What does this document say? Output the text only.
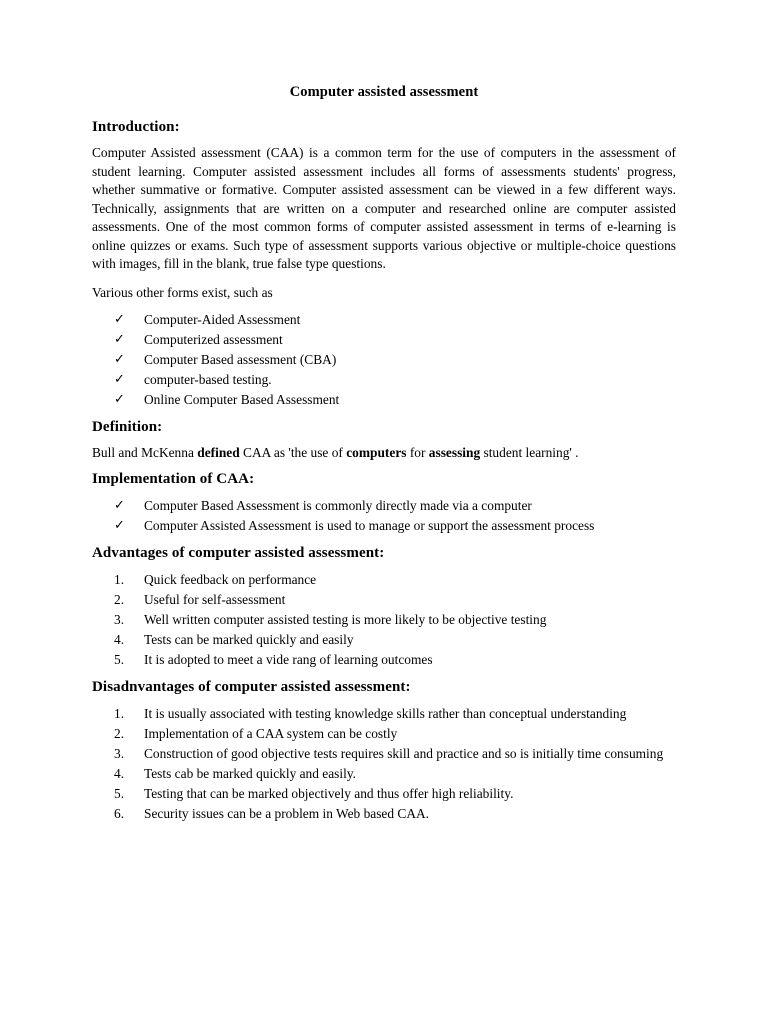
Computer assisted assessment
Introduction:

Computer Assisted assessment (CAA) is a common term for the use of computers in the assessment of student learning. Computer assisted assessment includes all forms of assessments students' progress, whether summative or formative. Computer assisted assessment can be viewed in a few different ways. Technically, assignments that are written on a computer and researched online are computer assisted assessments. One of the most common forms of computer assisted assessment in terms of e-learning is online quizzes or exams. Such type of assessment supports various objective or multiple-choice questions with images, fill in the blank, true false type questions.

Various other forms exist, such as

✓	Computer-Aided Assessment
✓	Computerized assessment
✓	Computer Based assessment (CBA)
✓	computer-based testing.
✓	Online Computer Based Assessment
Definition:

Bull and McKenna defined CAA as 'the use of computers for assessing student learning' .

Implementation of CAA:
✓	Computer Based Assessment is commonly directly made via a computer
✓	Computer Assisted Assessment is used to manage or support the assessment process
Advantages of computer assisted assessment:
Quick feedback on performance
Useful for self-assessment
Well written computer assisted testing is more likely to be objective testing
Tests can be marked quickly and easily
It is adopted to meet a vide rang of learning outcomes
Disadnvantages of computer assisted assessment:
It is usually associated with testing knowledge skills rather than conceptual understanding
Implementation of a CAA system can be costly
Construction of good objective tests requires skill and practice and so is initially time consuming
Tests cab be marked quickly and easily.
Testing that can be marked objectively and thus offer high reliability.
Security issues can be a problem in Web based CAA.
